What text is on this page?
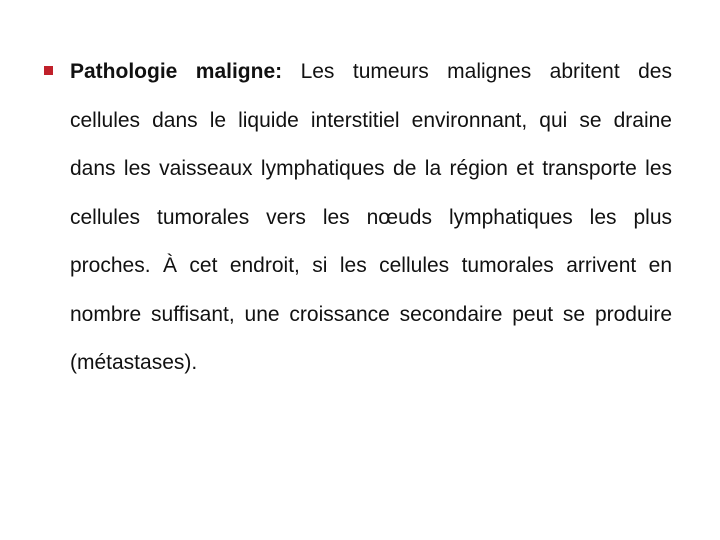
Pathologie maligne: Les tumeurs malignes abritent des cellules dans le liquide interstitiel environnant, qui se draine dans les vaisseaux lymphatiques de la région et transporte les cellules tumorales vers les nœuds lymphatiques les plus proches. À cet endroit, si les cellules tumorales arrivent en nombre suffisant, une croissance secondaire peut se produire (métastases).
